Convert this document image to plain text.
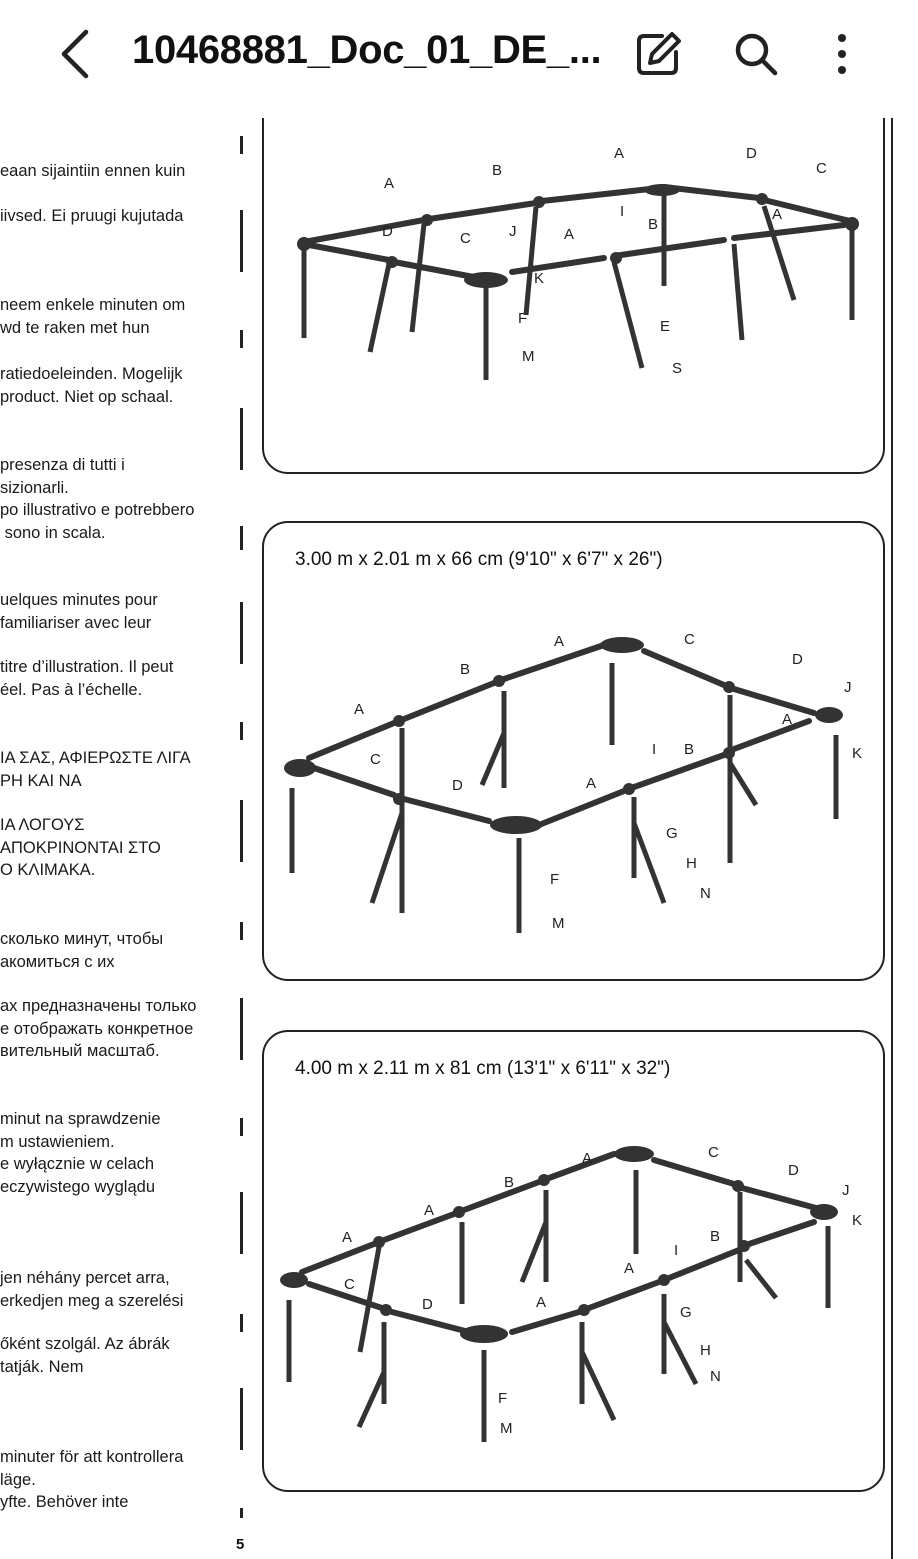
10468881_Doc_01_DE_...
eaan sijaintiin ennen kuin
iivsed. Ei pruugi kujutada
neem enkele minuten om
wd te raken met hun
ratiedoeleinden. Mogelijk
product. Niet op schaal.
presenza di tutti i
sizionarli.
po illustrativo e potrebbero
sono in scala.
uelques minutes pour
familiariser avec leur
titre d’illustration. Il peut
éel. Pas à l’échelle.
ΙΑ ΣΑΣ, ΑΦΙΕΡΩΣΤΕ ΛΙΓΑ
ΡΗ ΚΑΙ ΝΑ
ΙΑ ΛΟΓΟΥΣ
ΑΠΟΚΡΙΝΟΝΤΑΙ ΣΤΟ
Ο ΚΛΙΜΑΚΑ.
сколько минут, чтобы
акомиться с их
ах предназначены только
е отображать конкретное
вительный масштаб.
minut na sprawdzenie
m ustawieniem.
e wyłącznie w celach
eczywistego wyglądu
jen néhány percet arra,
erkedjen meg a szerelési
őként szolgál. Az ábrák
tatják. Nem
minuter för att kontrollera
läge.
yfte. Behöver inte
5
A
B
A	D
C
D	C	J	A
I
B
A
K
F	E
M
S
3.00 m x 2.01 m x 66 cm (9'10" x 6'7" x 26")
A
C
D
B
J
A
A
K
C
I B
D	A
G
H
F
N
M
4.00 m x 2.11 m x 81 cm (13'1" x 6'11" x 32")
A
C
D
B	J
A
A
K
B
I
C
A
D	A
G
H
N
F
M
